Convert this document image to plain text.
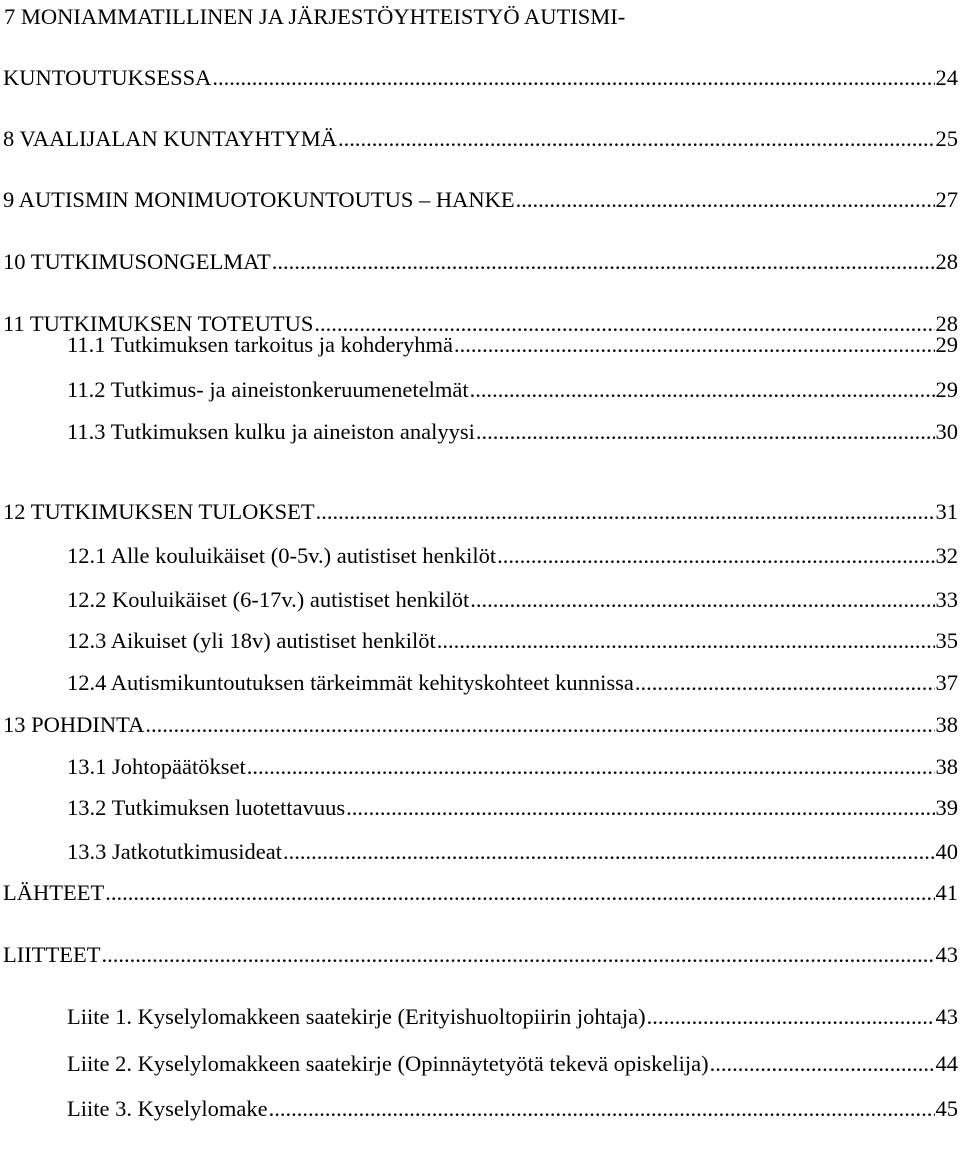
7 MONIAMMATILLINEN JA JÄRJESTÖYHTEISTYÖ AUTISMI-
KUNTOUTUKSESSA .....	24
8 VAALIJALAN KUNTAYHTYMÄ .....	25
9 AUTISMIN MONIMUOTOKUNTOUTUS – HANKE .....	27
10 TUTKIMUSONGELMAT .....	28
11 TUTKIMUKSEN TOTEUTUS .....	28
11.1 Tutkimuksen tarkoitus ja kohderyhmä .....	29
11.2 Tutkimus- ja aineistonkeruumenetelmät .....	29
11.3 Tutkimuksen kulku ja aineiston analyysi .....	30
12 TUTKIMUKSEN TULOKSET .....	31
12.1 Alle kouluikäiset (0-5v.) autistiset henkilöt .....	32
12.2 Kouluikäiset (6-17v.) autistiset henkilöt .....	33
12.3 Aikuiset (yli 18v) autistiset henkilöt .....	35
12.4 Autismikuntoutuksen tärkeimmät kehityskohteet kunnissa .....	37
13 POHDINTA .....	38
13.1 Johtopäätökset .....	38
13.2 Tutkimuksen luotettavuus .....	39
13.3 Jatkotutkimusideat .....	40
LÄHTEET .....	41
LIITTEET .....	43
Liite 1. Kyselylomakkeen saatekirje (Erityishuoltopiirin johtaja) .....	43
Liite 2. Kyselylomakkeen saatekirje (Opinnäytetyötä tekevä opiskelija) .....	44
Liite 3. Kyselylomake .....	45
